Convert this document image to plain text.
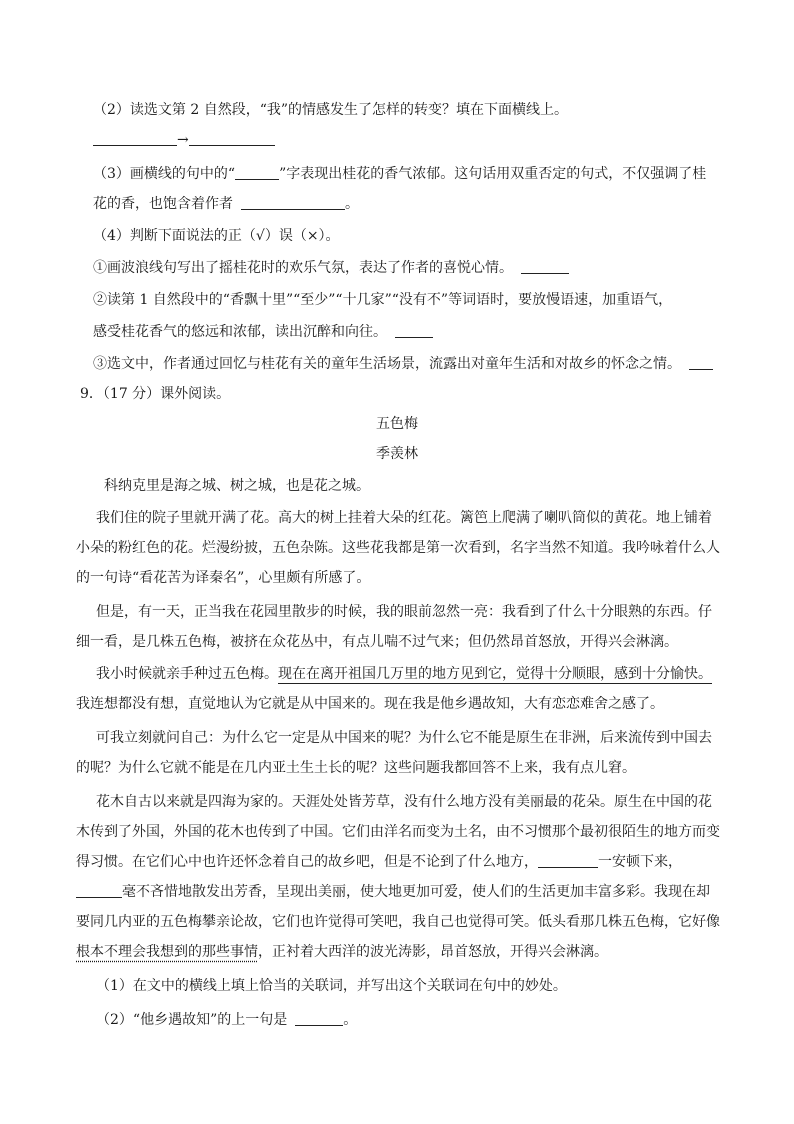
（2）读选文第 2 自然段，“我”的情感发生了怎样的转变？填在下面横线上。
→
（3）画横线的句中的“	”字表现出桂花的香气浓郁。这句话用双重否定的句式，不仅强调了桂
花的香，也饱含着作者	。
（4）判断下面说法的正（√）误（×）。
①画波浪线句写出了摇桂花时的欢乐气氛，表达了作者的喜悦心情。
②读第 1 自然段中的“香飘十里”“至少”“十几家”“没有不”等词语时，要放慢语速，加重语气，
感受桂花香气的悠远和浓郁，读出沉醉和向往。
③选文中，作者通过回忆与桂花有关的童年生活场景，流露出对童年生活和对故乡的怀念之情。
9．（17 分）课外阅读。
五色梅
季羡林
科纳克里是海之城、树之城，也是花之城。
我们住的院子里就开满了花。高大的树上挂着大朵的红花。篱笆上爬满了喇叭筒似的黄花。地上铺着
小朵的粉红色的花。烂漫纷披，五色杂陈。这些花我都是第一次看到，名字当然不知道。我吟咏着什么人
的一句诗“看花苦为译秦名”，心里颇有所感了。
但是，有一天，正当我在花园里散步的时候，我的眼前忽然一亮：我看到了什么十分眼熟的东西。仔
细一看，是几株五色梅，被挤在众花丛中，有点儿喘不过气来；但仍然昂首怒放，开得兴会淋漓。
我小时候就亲手种过五色梅。现在在离开祖国几万里的地方见到它，觉得十分顺眼，感到十分愉快。
我连想都没有想，直觉地认为它就是从中国来的。现在我是他乡遇故知，大有恋恋难舍之感了。
可我立刻就问自己：为什么它一定是从中国来的呢？为什么它不能是原生在非洲，后来流传到中国去
的呢？为什么它就不能是在几内亚土生土长的呢？这些问题我都回答不上来，我有点儿窘。
花木自古以来就是四海为家的。天涯处处皆芳草，没有什么地方没有美丽最的花朵。原生在中国的花
木传到了外国，外国的花木也传到了中国。它们由洋名而变为土名，由不习惯那个最初很陌生的地方而变
得习惯。在它们心中也许还怀念着自己的故乡吧，但是不论到了什么地方，	一安顿下来，
毫不吝惜地散发出芳香，呈现出美丽，使大地更加可爱，使人们的生活更加丰富多彩。我现在却
要同几内亚的五色梅攀亲论故，它们也许觉得可笑吧，我自己也觉得可笑。低头看那几株五色梅，它好像
根本不理会我想到的那些事情，正衬着大西洋的波光涛影，昂首怒放，开得兴会淋漓。
（1）在文中的横线上填上恰当的关联词，并写出这个关联词在句中的妙处。
（2）“他乡遇故知”的上一句是	。
